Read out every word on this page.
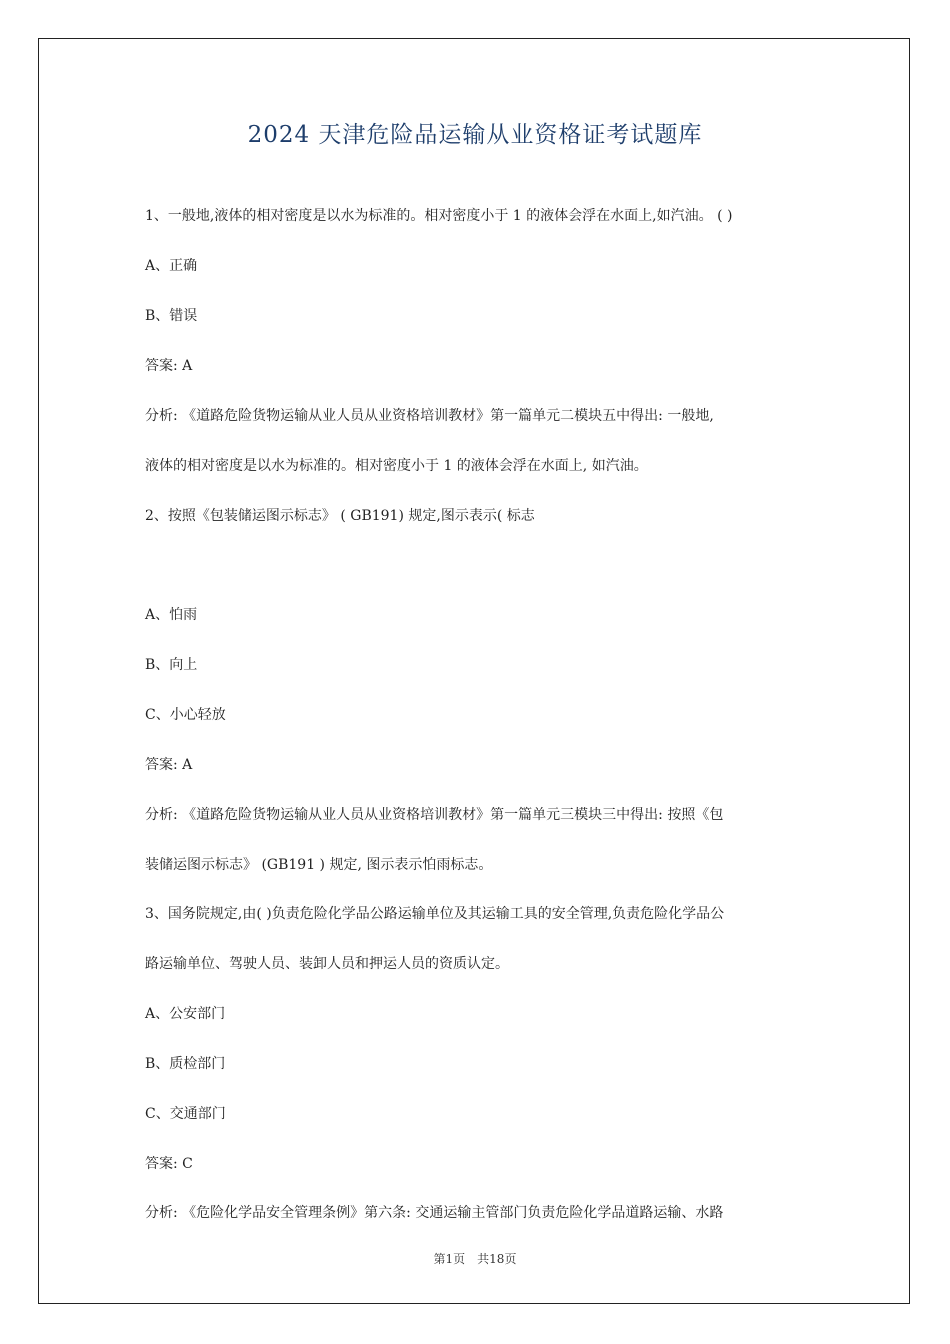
2024 天津危险品运输从业资格证考试题库
1、一般地,液体的相对密度是以水为标准的。相对密度小于 1 的液体会浮在水面上,如汽油。 ( )
A、正确
B、错误
答案: A
分析: 《道路危险货物运输从业人员从业资格培训教材》第一篇单元二模块五中得出: 一般地,
液体的相对密度是以水为标准的。相对密度小于 1 的液体会浮在水面上, 如汽油。
2、按照《包装储运图示标志》 ( GB191) 规定,图示表示( 标志
A、怕雨
B、向上
C、小心轻放
答案: A
分析: 《道路危险货物运输从业人员从业资格培训教材》第一篇单元三模块三中得出: 按照《包
装储运图示标志》 (GB191 ) 规定, 图示表示怕雨标志。
3、国务院规定,由( )负责危险化学品公路运输单位及其运输工具的安全管理,负责危险化学品公
路运输单位、驾驶人员、装卸人员和押运人员的资质认定。
A、公安部门
B、质检部门
C、交通部门
答案: C
分析: 《危险化学品安全管理条例》第六条: 交通运输主管部门负责危险化学品道路运输、水路
第1页 共18页
